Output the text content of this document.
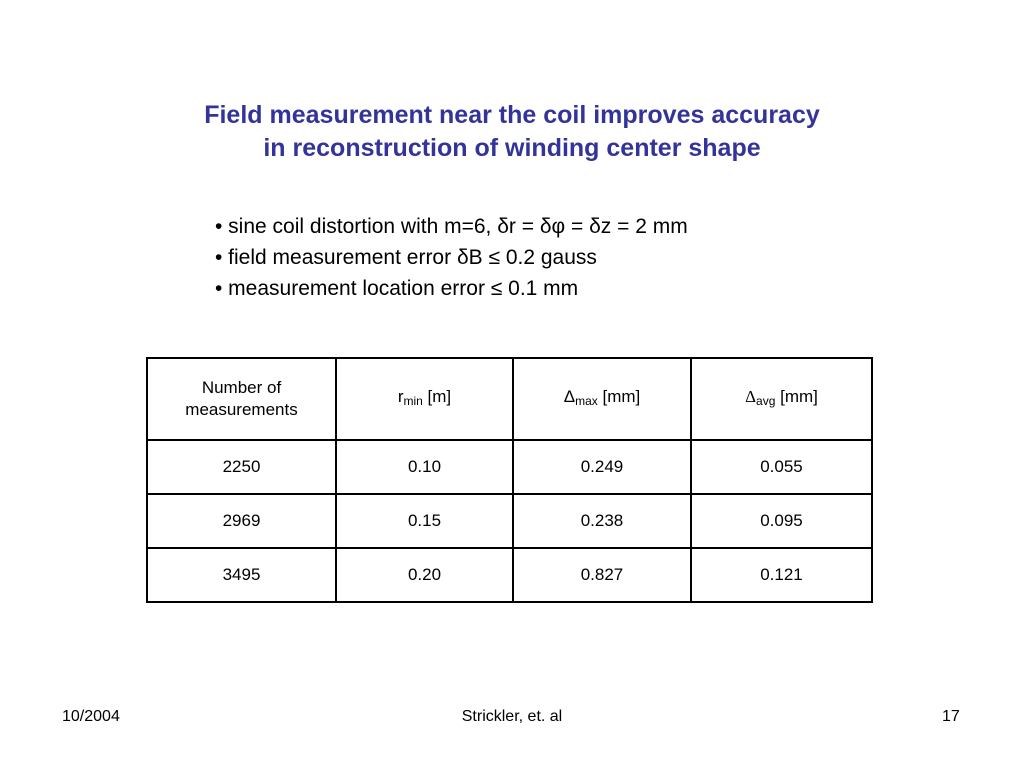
Field measurement near the coil improves accuracy
in reconstruction of winding center shape
• sine coil distortion with m=6, δr = δφ = δz = 2 mm
• field measurement error δB ≤ 0.2 gauss
• measurement location error ≤ 0.1 mm
Number of
measurements	$r_{min}$ [m]	$\Delta_{max}$ [mm]	$\Delta_{avg}$ [mm]
2250	0.10	0.249	0.055
2969	0.15	0.238	0.095
3495	0.20	0.827	0.121
10/2004	Strickler, et. al	17
